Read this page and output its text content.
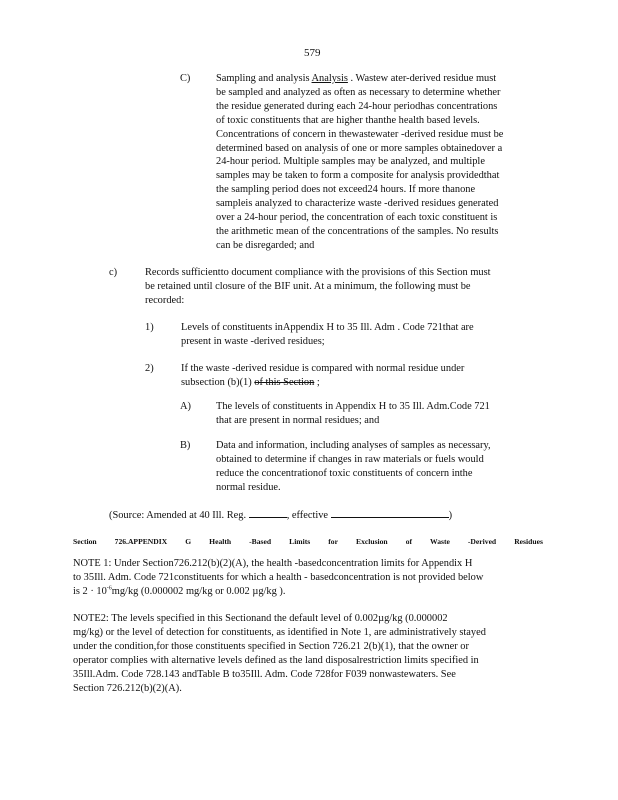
579
C) Sampling and analysis Analysis . Wastew ater-derived residue must
be sampled and analyzed as often as necessary to determine whether
the residue generated during each 24-hour periodhas concentrations
of toxic constituents that are higher thanthe health based levels.
Concentrations of concern in thewastewater -derived residue must be
determined based on analysis of one or more samples obtainedover a
24-hour period. Multiple samples may be analyzed, and multiple
samples may be taken to form a composite for analysis providedthat
the sampling period does not exceed24 hours. If more thanone
sampleis analyzed to characterize waste -derived residues generated
over a 24-hour period, the concentration of each toxic constituent is
the arithmetic mean of the concentrations of the samples. No results
can be disregarded; and
c)	Records sufficientto document compliance with the provisions of this Section must
be retained until closure of the BIF unit. At a minimum, the following must be
recorded:
1)	Levels of constituents inAppendix H to 35 Ill. Adm . Code 721that are
present in waste -derived residues;
2)	If the waste -derived residue is compared with normal residue under
subsection (b)(1) of this Section ;
A) The levels of constituents in Appendix H to 35 Ill. Adm.Code 721
that are present in normal residues; and
B) Data and information, including analyses of samples as necessary,
obtained to determine if changes in raw materials or fuels would
reduce the concentrationof toxic constituents of concern inthe
normal residue.
(Source: Amended at 40 Ill. Reg.	, effective	)
Section 726.APPENDIX G Health -Based Limits for Exclusion of Waste -Derived Residues
NOTE 1: Under Section726.212(b)(2)(A), the health -basedconcentration limits for Appendix H
to 35Ill. Adm. Code 721constituents for which a health - basedconcentration is not provided below
is $2 \cdot 10^{-6}mg/kg$ (0.000002 mg/kg or 0.002 µg/kg ).
NOTE2: The levels specified in this Sectionand the default level of 0.002µg/kg (0.000002
mg/kg) or the level of detection for constituents, as identified in Note 1, are administratively stayed
under the condition,for those constituents specified in Section 726.21 2(b)(1), that the owner or
operator complies with alternative levels defined as the land disposalrestriction limits specified in
35Ill.Adm. Code 728.143 andTable B to35Ill. Adm. Code 728for F039 nonwastewaters. See
Section 726.212(b)(2)(A).
